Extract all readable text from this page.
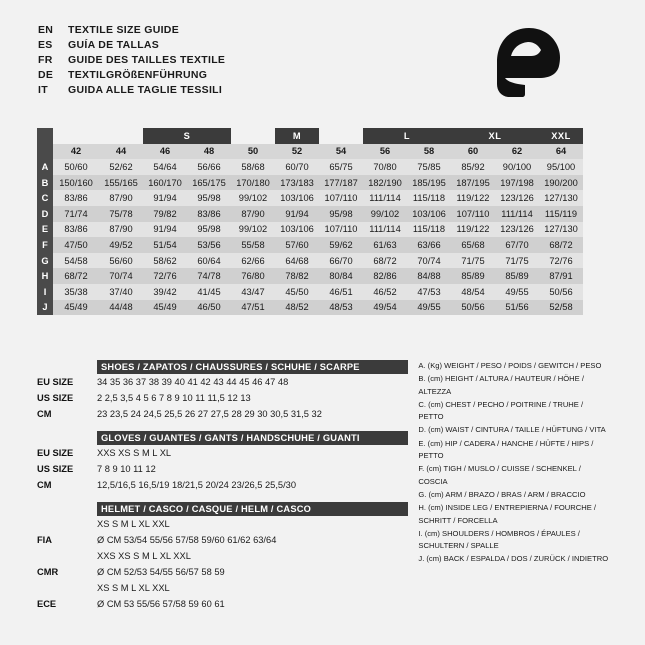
EN	TEXTILE SIZE GUIDE
ES	GUÍA DE TALLAS
FR	GUIDE DES TAILLES TEXTILE
DE	TEXTILGRÖßENFÜHRUNG
IT	GUIDA ALLE TAGLIE TESSILI
			S			M		L		XL		XXL	
	42	44	46	48	50	52	54	56	58	60	62	64	
A	50/60	52/62	54/64	56/66	58/68	60/70	65/75	70/80	75/85	85/92	90/100	95/100	
B	150/160	155/165	160/170	165/175	170/180	173/183	177/187	182/190	185/195	187/195	197/198	190/200	
C	83/86	87/90	91/94	95/98	99/102	103/106	107/110	111/114	115/118	119/122	123/126	127/130	
D	71/74	75/78	79/82	83/86	87/90	91/94	95/98	99/102	103/106	107/110	111/114	115/119	
E	83/86	87/90	91/94	95/98	99/102	103/106	107/110	111/114	115/118	119/122	123/126	127/130	
F	47/50	49/52	51/54	53/56	55/58	57/60	59/62	61/63	63/66	65/68	67/70	68/72	
G	54/58	56/60	58/62	60/64	62/66	64/68	66/70	68/72	70/74	71/75	71/75	72/76	
H	68/72	70/74	72/76	74/78	76/80	78/82	80/84	82/86	84/88	85/89	85/89	87/91	
I	35/38	37/40	39/42	41/45	43/47	45/50	46/51	46/52	47/53	48/54	49/55	50/56	
J	45/49	44/48	45/49	46/50	47/51	48/52	48/53	49/54	49/55	50/56	51/56	52/58	
SHOES / ZAPATOS / CHAUSSURES / SCHUHE / SCARPE
EU SIZE	34 35 36 37 38 39 40 41 42 43 44 45 46 47 48
US SIZE	2 2,5 3,5 4 5 6 7 8 9 10 11 11,5 12 13
CM	23 23,5 24 24,5 25,5 26 27 27,5 28 29 30 30,5 31,5 32
GLOVES / GUANTES / GANTS / HANDSCHUHE / GUANTI
EU SIZE	XXS XS S M L XL
US SIZE	7 8 9 10 11 12
CM	12,5/16,5 16,5/19 18/21,5 20/24 23/26,5 25,5/30
HELMET / CASCO / CASQUE / HELM / CASCO
	XS S M L XL XXL
FIA	Ø CM 53/54 55/56 57/58 59/60 61/62 63/64
	XXS XS S M L XL XXL
CMR	Ø CM 52/53 54/55 56/57 58 59
	XS S M L XL XXL
ECE	Ø CM 53 55/56 57/58 59 60 61
A. (Kg) WEIGHT / PESO / POIDS / GEWITCH / PESO
B. (cm) HEIGHT / ALTURA / HAUTEUR / HÖHE / ALTEZZA
C. (cm) CHEST / PECHO / POITRINE / TRUHE / PETTO
D. (cm) WAIST / CINTURA / TAILLE / HÜFTUNG / VITA
E. (cm) HIP / CADERA / HANCHE / HÜFTE / HIPS / PETTO
F. (cm) TIGH / MUSLO / CUISSE / SCHENKEL / COSCIA
G. (cm) ARM / BRAZO / BRAS / ARM / BRACCIO
H. (cm) INSIDE LEG / ENTREPIERNA / FOURCHE / SCHRITT / FORCELLA
I. (cm) SHOULDERS / HOMBROS / ÉPAULES / SCHULTERN / SPALLE
J. (cm) BACK / ESPALDA / DOS / ZURÜCK / INDIETRO
